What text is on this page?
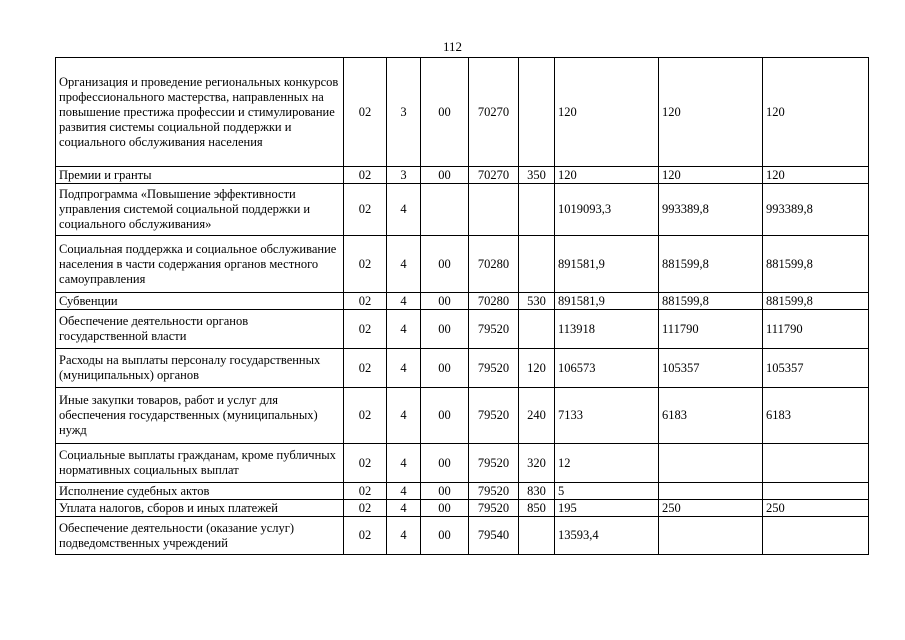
112
Организация и проведение региональных конкурсов профессионального мастерства, направленных на повышение престижа профессии и стимулирование развития системы социальной поддержки и социального обслуживания населения	02	3	00	70270		120	120	120
Премии и гранты	02	3	00	70270	350	120	120	120
Подпрограмма «Повышение эффективности управления системой социальной поддержки и социального обслуживания»	02	4				1019093,3	993389,8	993389,8
Социальная поддержка и социальное обслуживание населения в части содержания органов местного самоуправления	02	4	00	70280		891581,9	881599,8	881599,8
Субвенции	02	4	00	70280	530	891581,9	881599,8	881599,8
Обеспечение деятельности органов государственной власти	02	4	00	79520		113918	111790	111790
Расходы на выплаты персоналу государственных (муниципальных) органов	02	4	00	79520	120	106573	105357	105357
Иные закупки товаров, работ и услуг для обеспечения государственных (муниципальных) нужд	02	4	00	79520	240	7133	6183	6183
Социальные выплаты гражданам, кроме публичных нормативных социальных выплат	02	4	00	79520	320	12		
Исполнение судебных актов	02	4	00	79520	830	5		
Уплата налогов, сборов и иных платежей	02	4	00	79520	850	195	250	250
Обеспечение деятельности (оказание услуг) подведомственных учреждений	02	4	00	79540		13593,4		
